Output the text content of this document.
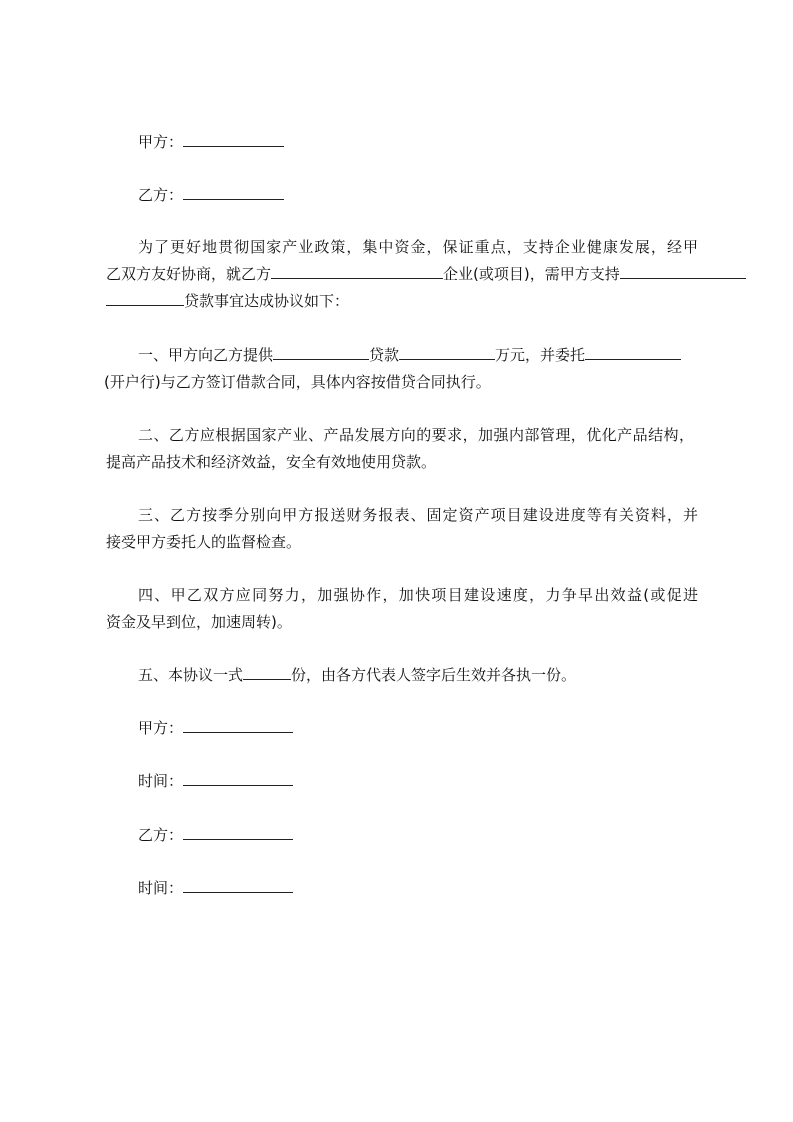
甲方：
乙方：
为了更好地贯彻国家产业政策，集中资金，保证重点，支持企业健康发展，经甲
乙双方友好协商，就乙方	企业(或项目)，需甲方支持
贷款事宜达成协议如下：
一、甲方向乙方提供	贷款	万元，并委托
(开户行)与乙方签订借款合同，具体内容按借贷合同执行。
二、乙方应根据国家产业、产品发展方向的要求，加强内部管理，优化产品结构，
提高产品技术和经济效益，安全有效地使用贷款。
三、乙方按季分别向甲方报送财务报表、固定资产项目建设进度等有关资料，并
接受甲方委托人的监督检查。
四、甲乙双方应同努力，加强协作，加快项目建设速度，力争早出效益(或促进
资金及早到位，加速周转)。
五、本协议一式	份，由各方代表人签字后生效并各执一份。
甲方：
时间：
乙方：
时间：
